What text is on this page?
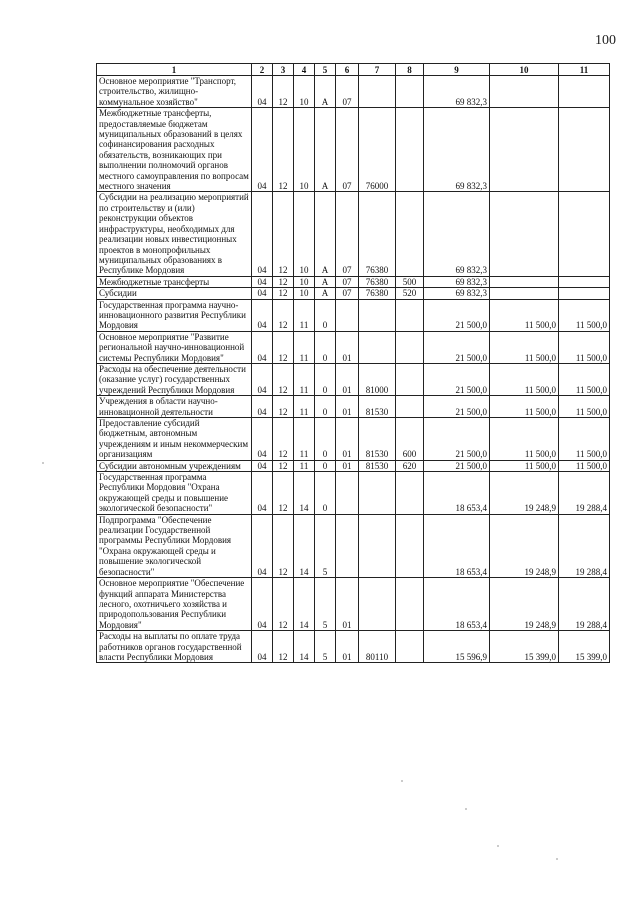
100
1	2	3	4	5	6	7	8	9	10	11
Основное мероприятие "Транспорт, строительство, жилищно-коммунальное хозяйство"	04	12	10	А	07			69 832,3		
Межбюджетные трансферты, предоставляемые бюджетам муниципальных образований в целях софинансирования расходных обязательств, возникающих при выполнении полномочий органов местного самоуправления по вопросам местного значения	04	12	10	А	07	76000		69 832,3		
Субсидии на реализацию мероприятий по строительству и (или) реконструкции объектов инфраструктуры, необходимых для реализации новых инвестиционных проектов в монопрофильных муниципальных образованиях в Республике Мордовия	04	12	10	А	07	76380		69 832,3		
Межбюджетные трансферты	04	12	10	А	07	76380	500	69 832,3		
Субсидии	04	12	10	А	07	76380	520	69 832,3		
Государственная программа научно-инновационного развития Республики Мордовия	04	12	11	0				21 500,0	11 500,0	11 500,0
Основное мероприятие "Развитие региональной научно-инновационной системы Республики Мордовия"	04	12	11	0	01			21 500,0	11 500,0	11 500,0
Расходы на обеспечение деятельности (оказание услуг) государственных учреждений Республики Мордовия	04	12	11	0	01	81000		21 500,0	11 500,0	11 500,0
Учреждения в области научно-инновационной деятельности	04	12	11	0	01	81530		21 500,0	11 500,0	11 500,0
Предоставление субсидий бюджетным, автономным учреждениям и иным некоммерческим организациям	04	12	11	0	01	81530	600	21 500,0	11 500,0	11 500,0
Субсидии автономным учреждениям	04	12	11	0	01	81530	620	21 500,0	11 500,0	11 500,0
Государственная программа Республики Мордовия "Охрана окружающей среды и повышение экологической безопасности"	04	12	14	0				18 653,4	19 248,9	19 288,4
Подпрограмма "Обеспечение реализации Государственной программы Республики Мордовия "Охрана окружающей среды и повышение экологической безопасности"	04	12	14	5				18 653,4	19 248,9	19 288,4
Основное мероприятие "Обеспечение функций аппарата Министерства лесного, охотничьего хозяйства и природопользования Республики Мордовия"	04	12	14	5	01			18 653,4	19 248,9	19 288,4
Расходы на выплаты по оплате труда работников органов государственной власти Республики Мордовия	04	12	14	5	01	80110		15 596,9	15 399,0	15 399,0
